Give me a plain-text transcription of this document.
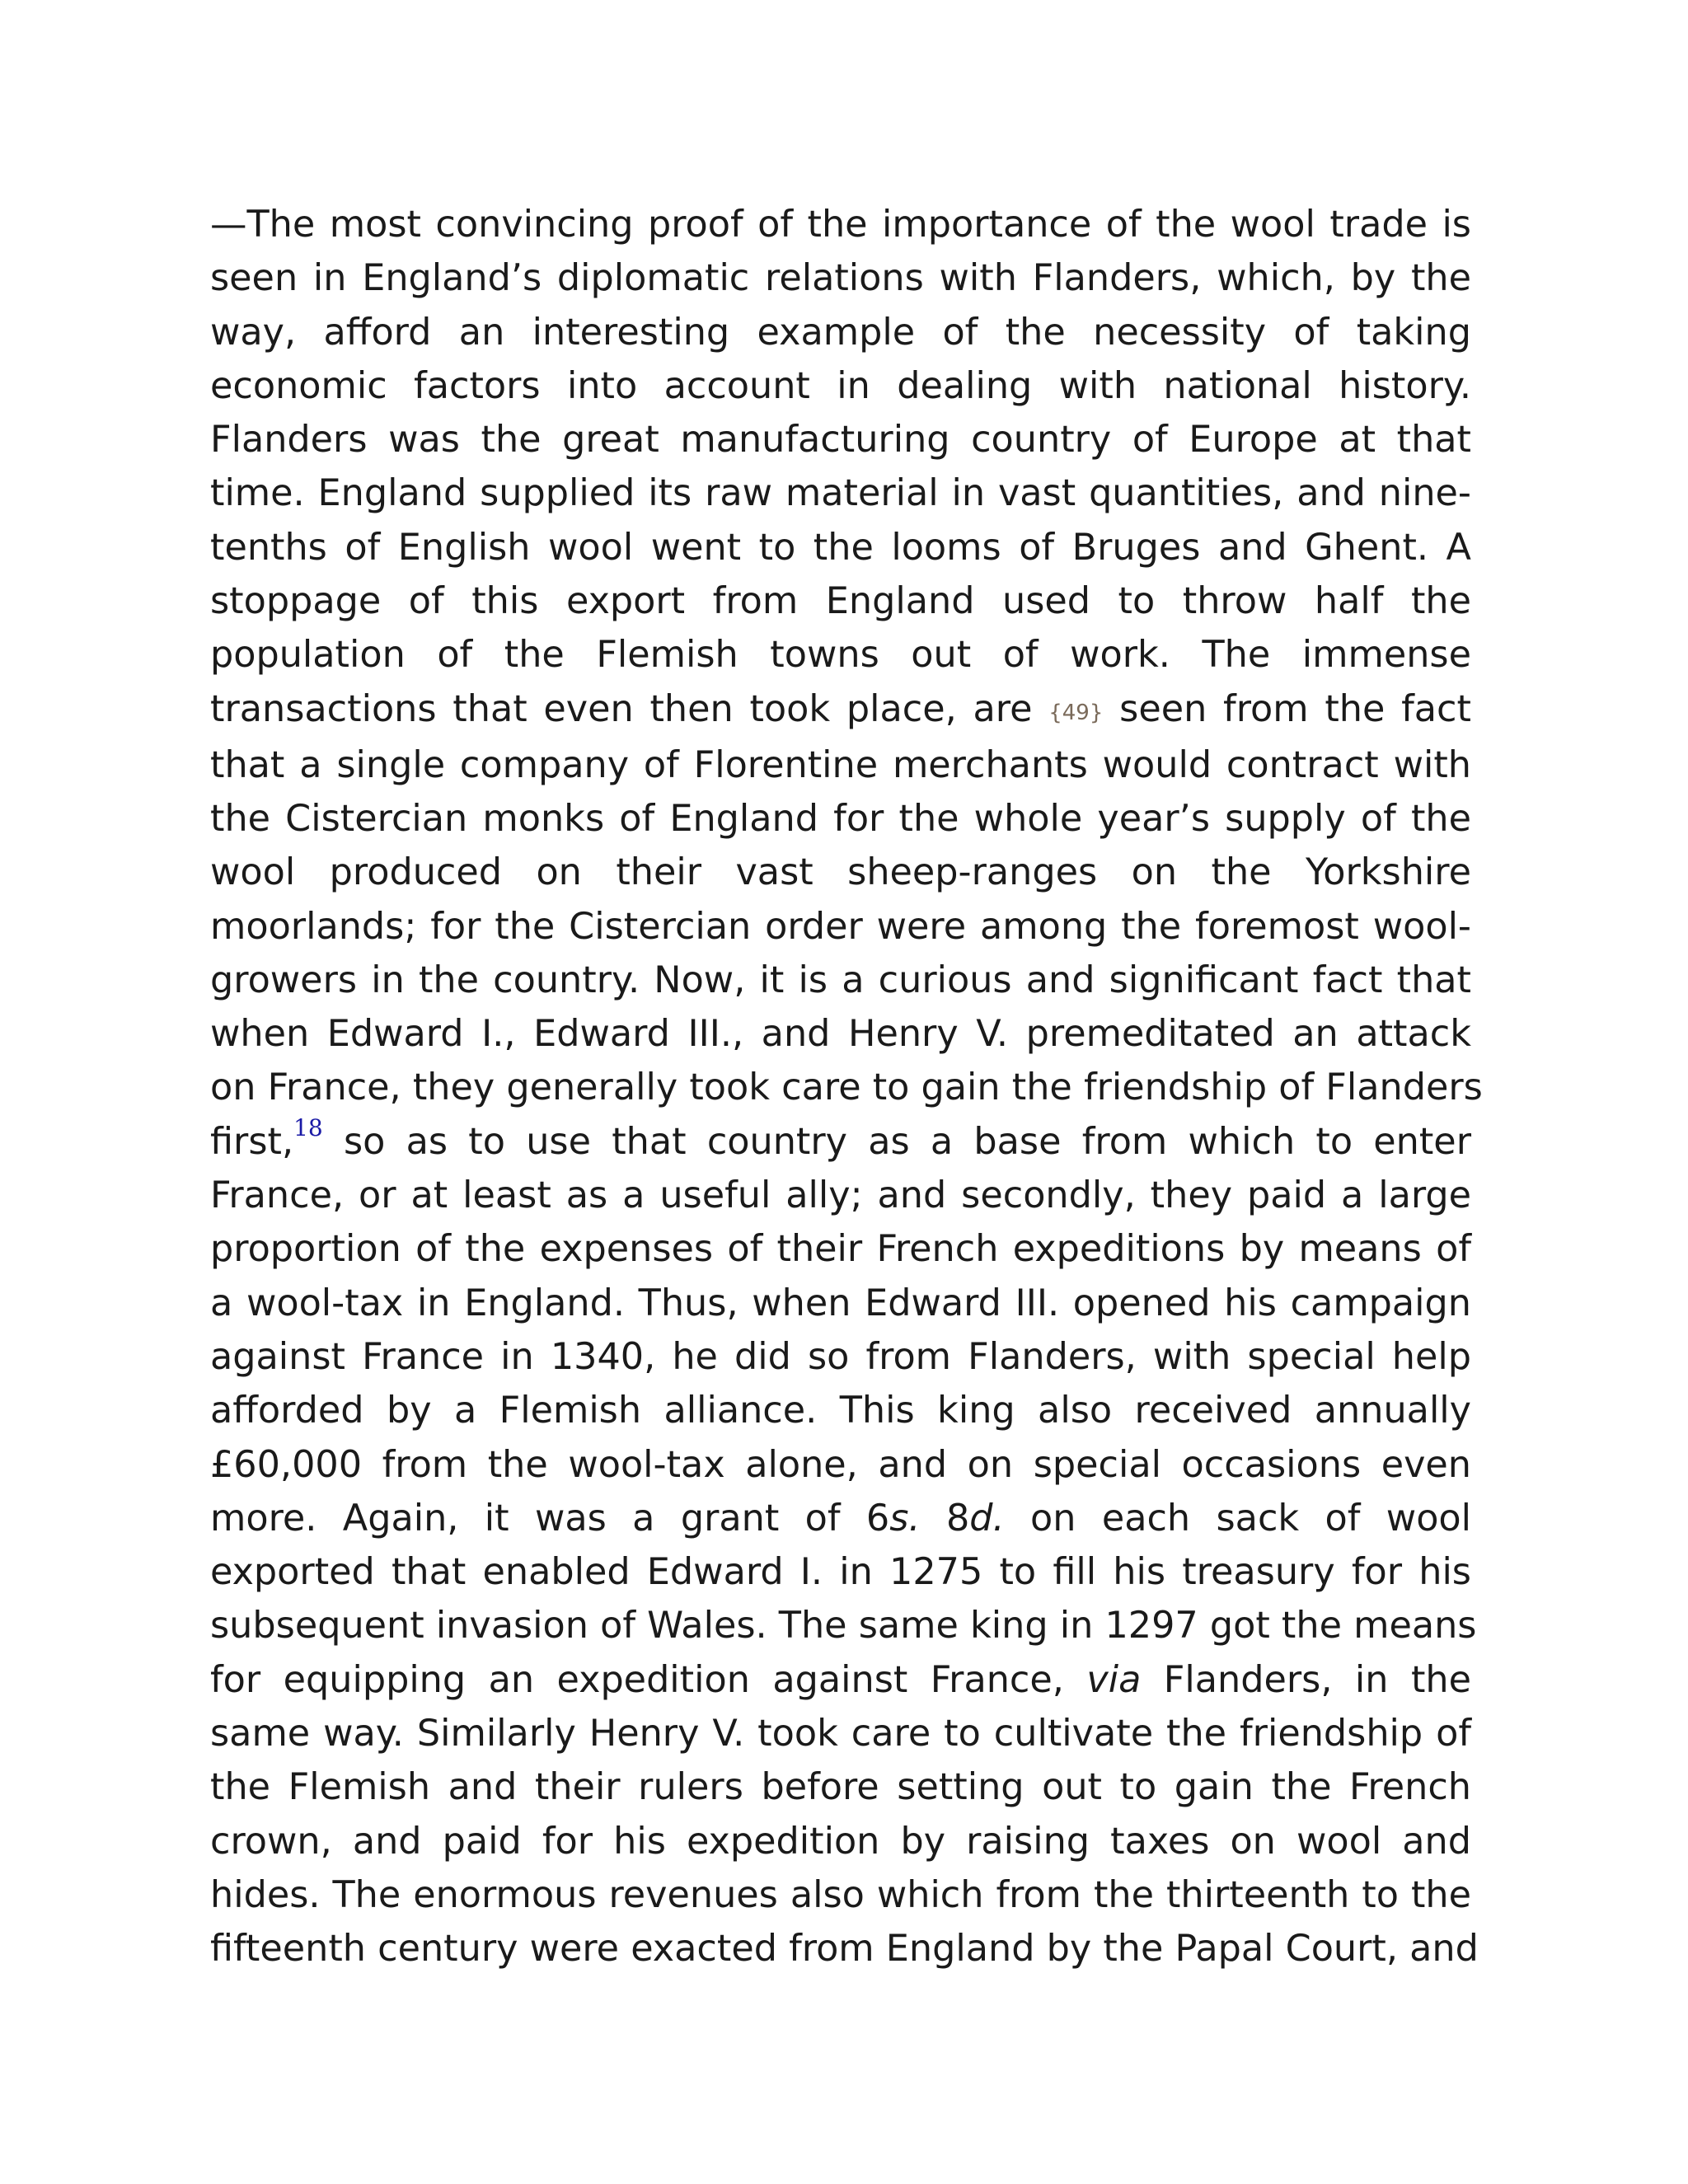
—The most convincing proof of the importance of the wool trade is
seen in England’s diplomatic relations with Flanders, which, by the
way, afford an interesting example of the necessity of taking
economic factors into account in dealing with national history.
Flanders was the great manufacturing country of Europe at that
time. England supplied its raw material in vast quantities, and nine-
tenths of English wool went to the looms of Bruges and Ghent. A
stoppage of this export from England used to throw half the
population of the Flemish towns out of work. The immense
transactions that even then took place, are {49} seen from the fact
that a single company of Florentine merchants would contract with
the Cistercian monks of England for the whole year’s supply of the
wool produced on their vast sheep-ranges on the Yorkshire
moorlands; for the Cistercian order were among the foremost wool-
growers in the country. Now, it is a curious and significant fact that
when Edward I., Edward III., and Henry V. premeditated an attack
on France, they generally took care to gain the friendship of Flanders
first,$^{18}$ so as to use that country as a base from which to enter
France, or at least as a useful ally; and secondly, they paid a large
proportion of the expenses of their French expeditions by means of
a wool-tax in England. Thus, when Edward III. opened his campaign
against France in 1340, he did so from Flanders, with special help
afforded by a Flemish alliance. This king also received annually
£60,000 from the wool-tax alone, and on special occasions even
more. Again, it was a grant of 6s. 8d. on each sack of wool
exported that enabled Edward I. in 1275 to fill his treasury for his
subsequent invasion of Wales. The same king in 1297 got the means
for equipping an expedition against France, via Flanders, in the
same way. Similarly Henry V. took care to cultivate the friendship of
the Flemish and their rulers before setting out to gain the French
crown, and paid for his expedition by raising taxes on wool and
hides. The enormous revenues also which from the thirteenth to the
fifteenth century were exacted from England by the Papal Court, and
